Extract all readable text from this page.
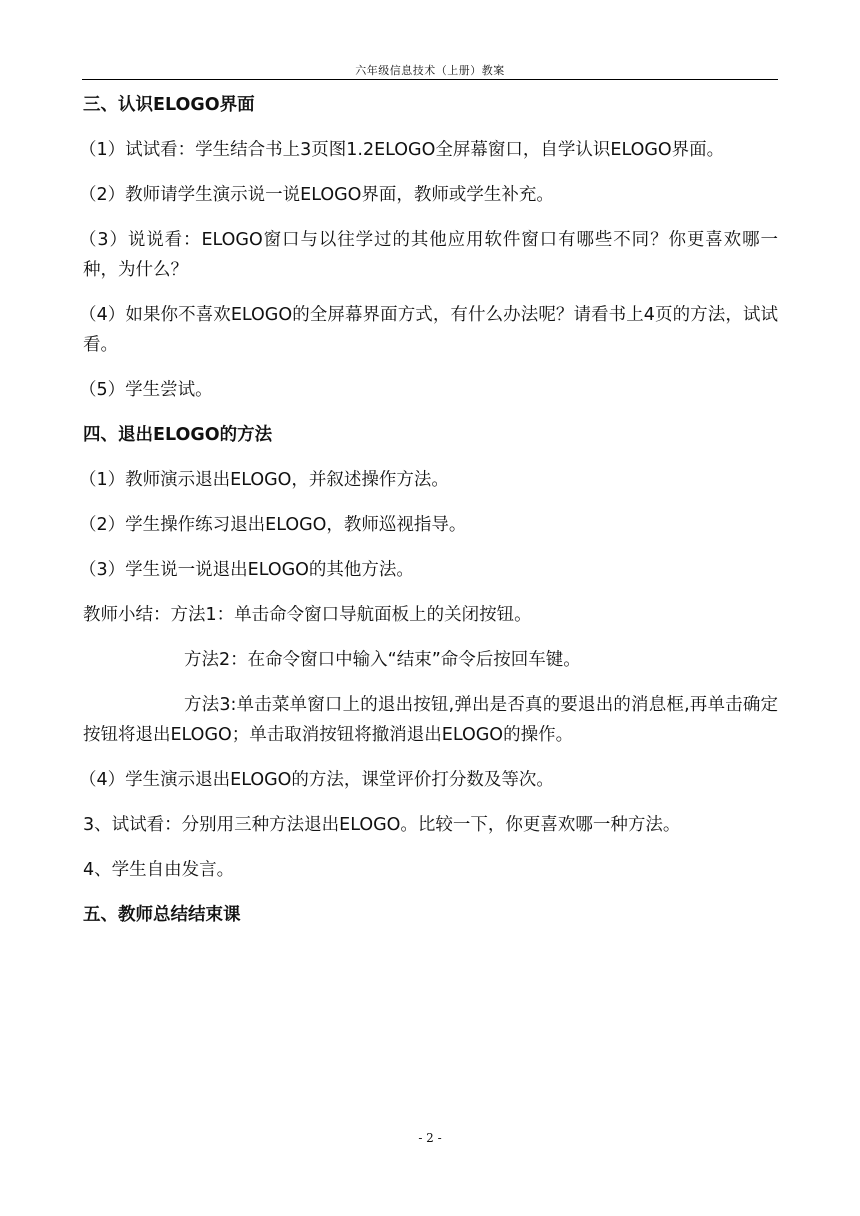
六年级信息技术（上册）教案
三、认识ELOGO界面
（1）试试看：学生结合书上3页图1.2ELOGO全屏幕窗口，自学认识ELOGO界面。
（2）教师请学生演示说一说ELOGO界面，教师或学生补充。
（3）说说看：ELOGO窗口与以往学过的其他应用软件窗口有哪些不同？你更喜欢哪一种，为什么？
（4）如果你不喜欢ELOGO的全屏幕界面方式，有什么办法呢？请看书上4页的方法，试试看。
（5）学生尝试。
四、退出ELOGO的方法
（1）教师演示退出ELOGO，并叙述操作方法。
（2）学生操作练习退出ELOGO，教师巡视指导。
（3）学生说一说退出ELOGO的其他方法。
教师小结：方法1：单击命令窗口导航面板上的关闭按钮。
方法2：在命令窗口中输入“结束”命令后按回车键。
方法3:单击菜单窗口上的退出按钮,弹出是否真的要退出的消息框,再单击确定按钮将退出ELOGO；单击取消按钮将撤消退出ELOGO的操作。
（4）学生演示退出ELOGO的方法，课堂评价打分数及等次。
3、试试看：分别用三种方法退出ELOGO。比较一下，你更喜欢哪一种方法。
4、学生自由发言。
五、教师总结结束课
- 2 -
